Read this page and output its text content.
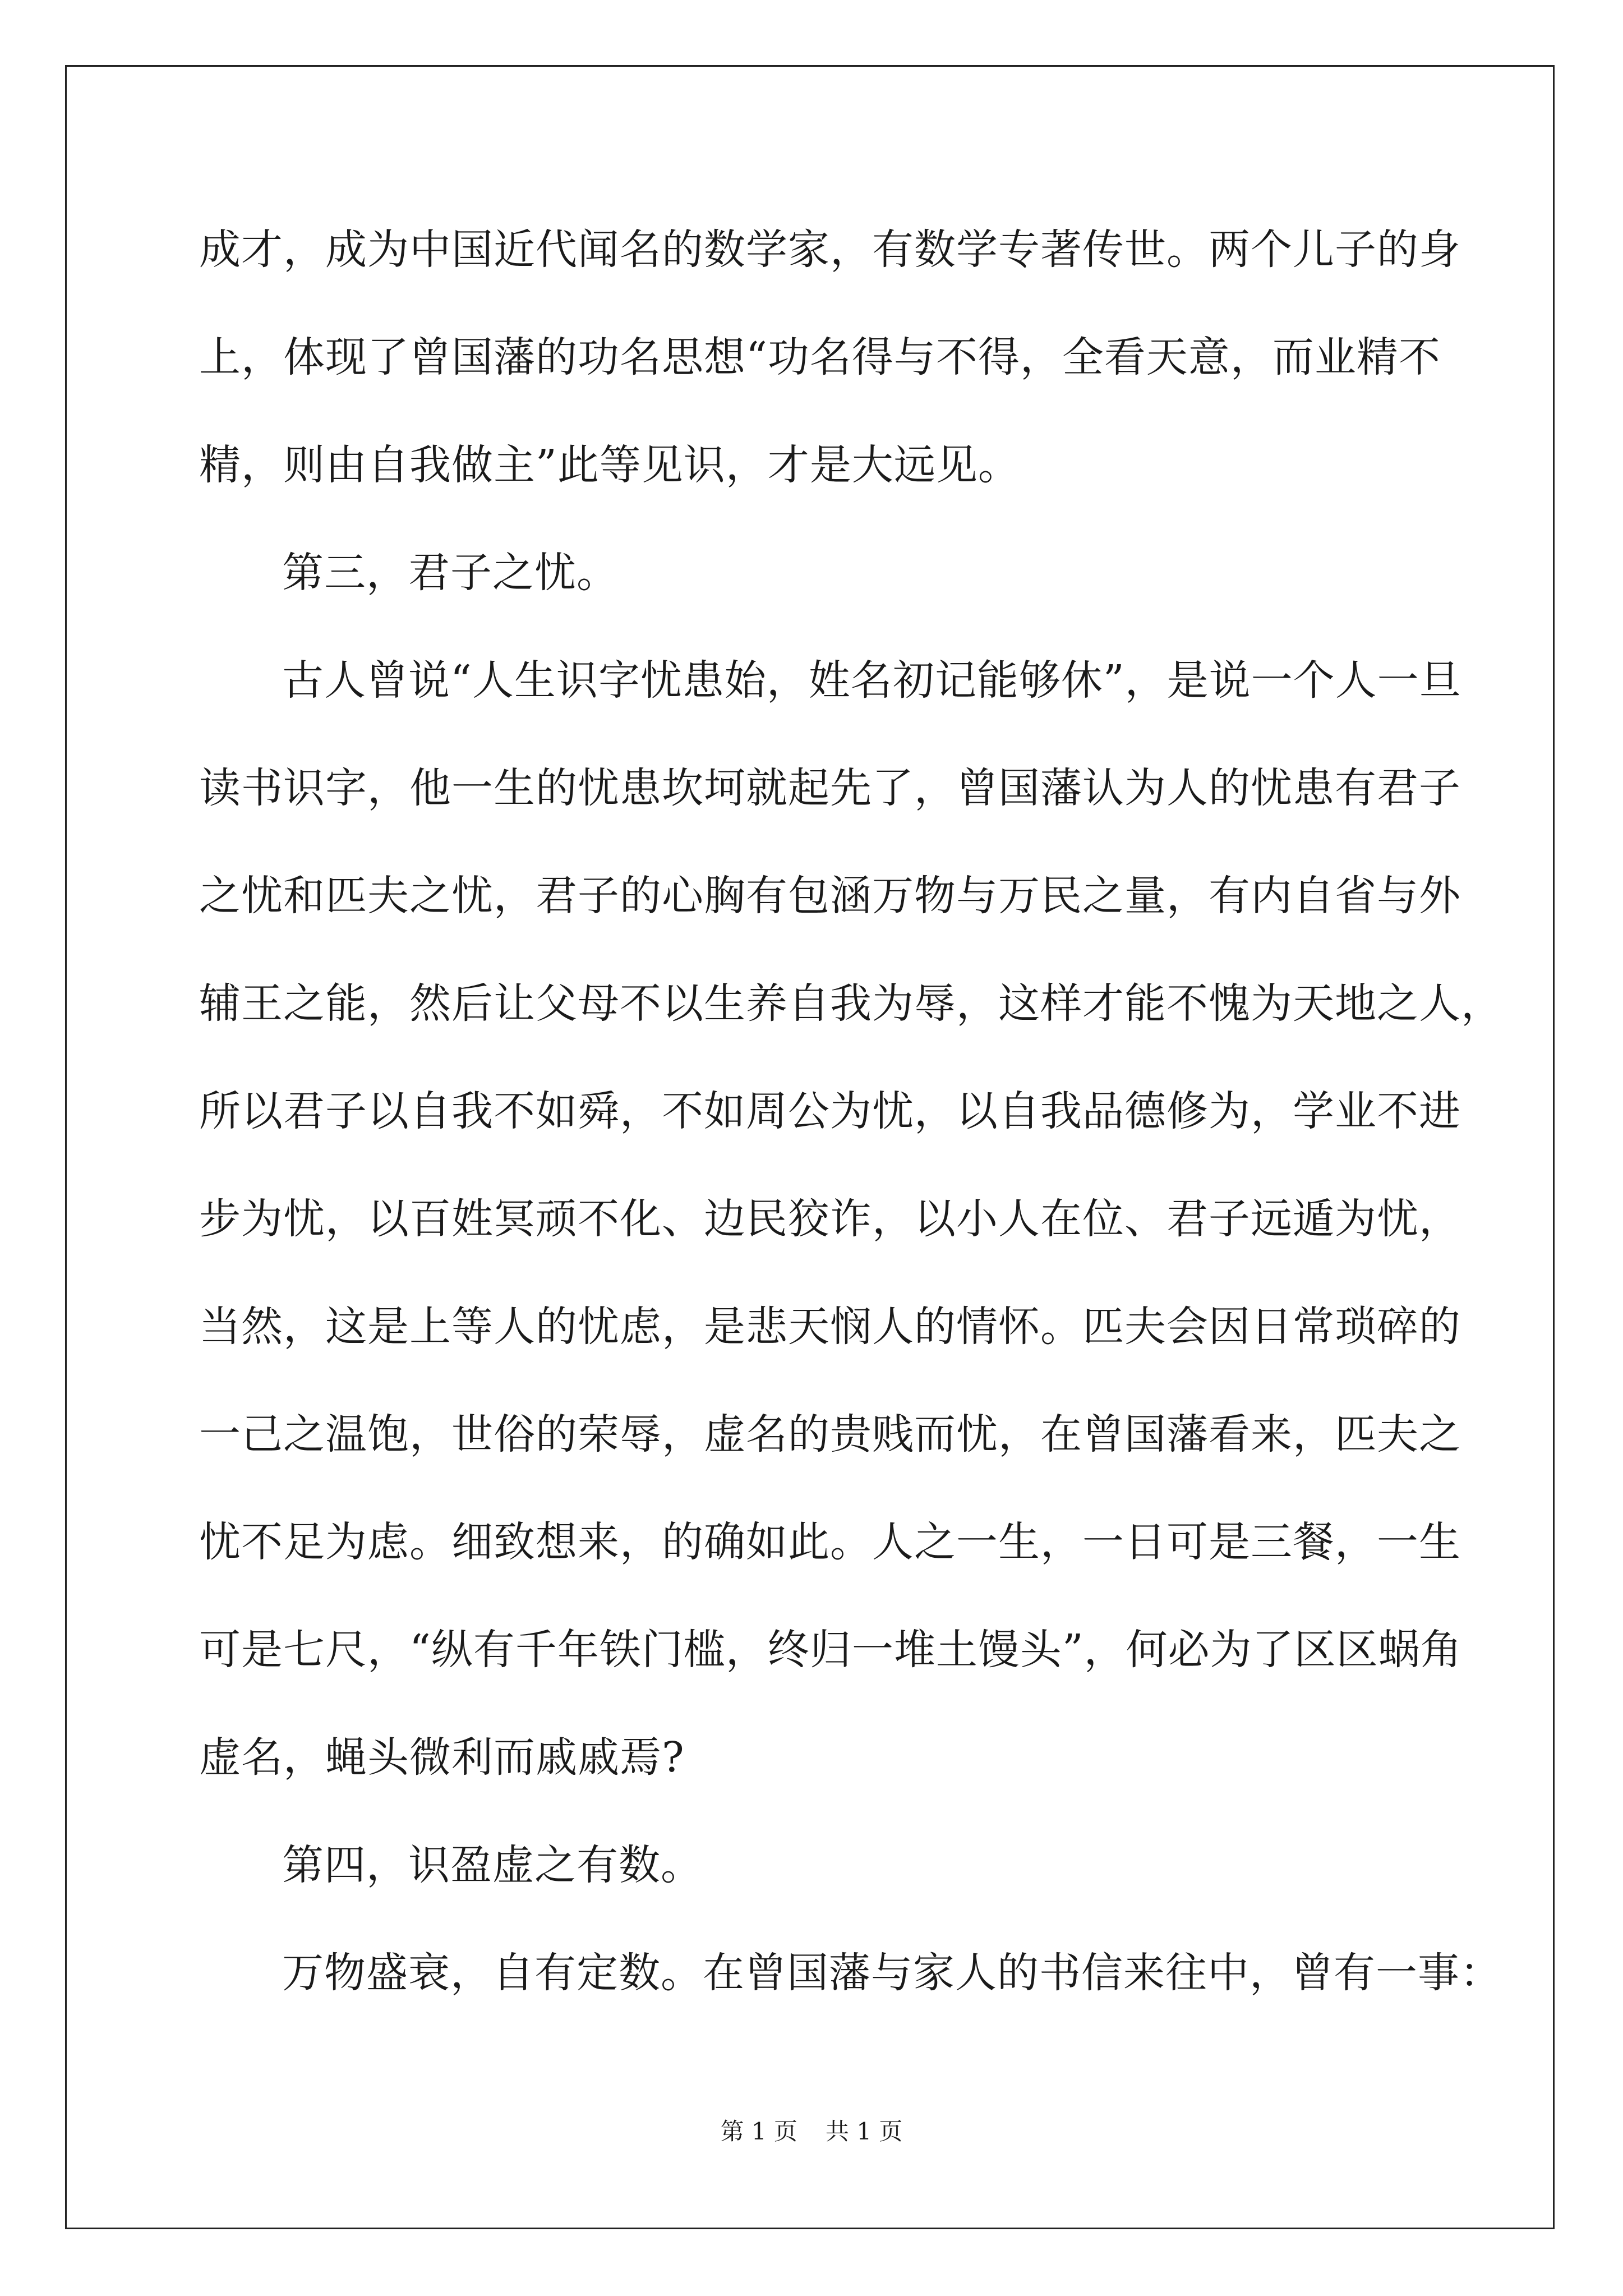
成才，成为中国近代闻名的数学家，有数学专著传世。两个儿子的身
上，体现了曾国藩的功名思想“功名得与不得，全看天意，而业精不
精，则由自我做主”此等见识，才是大远见。
第三，君子之忧。
古人曾说“人生识字忧患始，姓名初记能够休”，是说一个人一旦
读书识字，他一生的忧患坎坷就起先了，曾国藩认为人的忧患有君子
之忧和匹夫之忧，君子的心胸有包涵万物与万民之量，有内自省与外
辅王之能，然后让父母不以生养自我为辱，这样才能不愧为天地之人，
所以君子以自我不如舜，不如周公为忧，以自我品德修为，学业不进
步为忧，以百姓冥顽不化、边民狡诈，以小人在位、君子远遁为忧，
当然，这是上等人的忧虑，是悲天悯人的情怀。匹夫会因日常琐碎的
一己之温饱，世俗的荣辱，虚名的贵贱而忧，在曾国藩看来，匹夫之
忧不足为虑。细致想来，的确如此。人之一生，一日可是三餐，一生
可是七尺，“纵有千年铁门槛，终归一堆土馒头”，何必为了区区蜗角
虚名，蝇头微利而戚戚焉?
第四，识盈虚之有数。
万物盛衰，自有定数。在曾国藩与家人的书信来往中，曾有一事：
第 1 页 共 1 页
